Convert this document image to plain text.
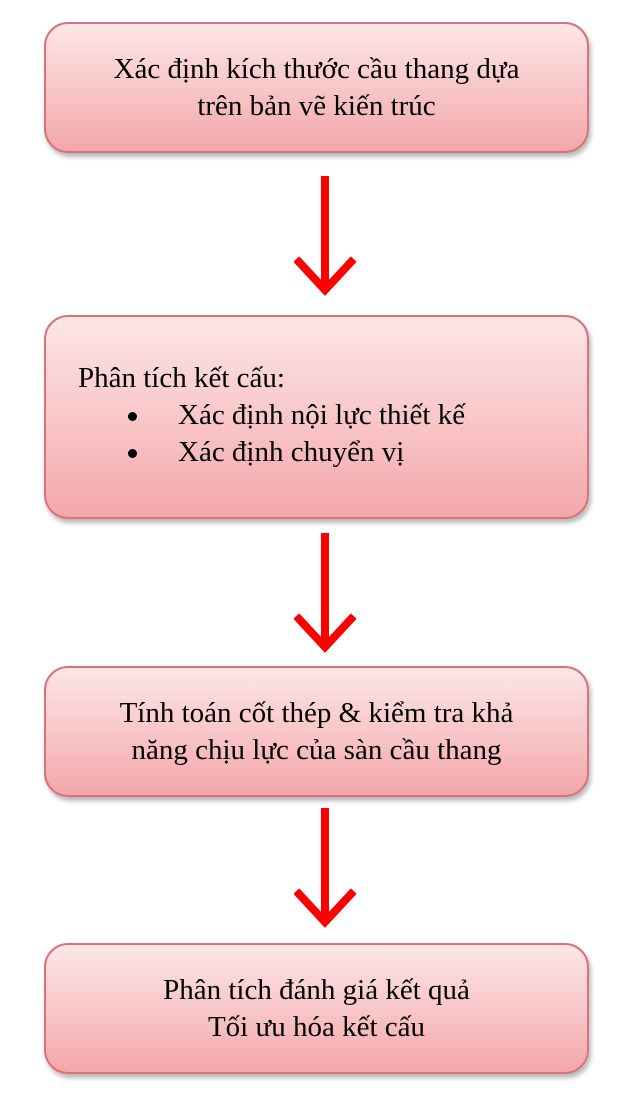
Xác định kích thước cầu thang dựa
trên bản vẽ kiến trúc
Phân tích kết cấu:
Xác định nội lực thiết kế
Xác định chuyển vị
Tính toán cốt thép & kiểm tra khả
năng chịu lực của sàn cầu thang
Phân tích đánh giá kết quả
Tối ưu hóa kết cấu
